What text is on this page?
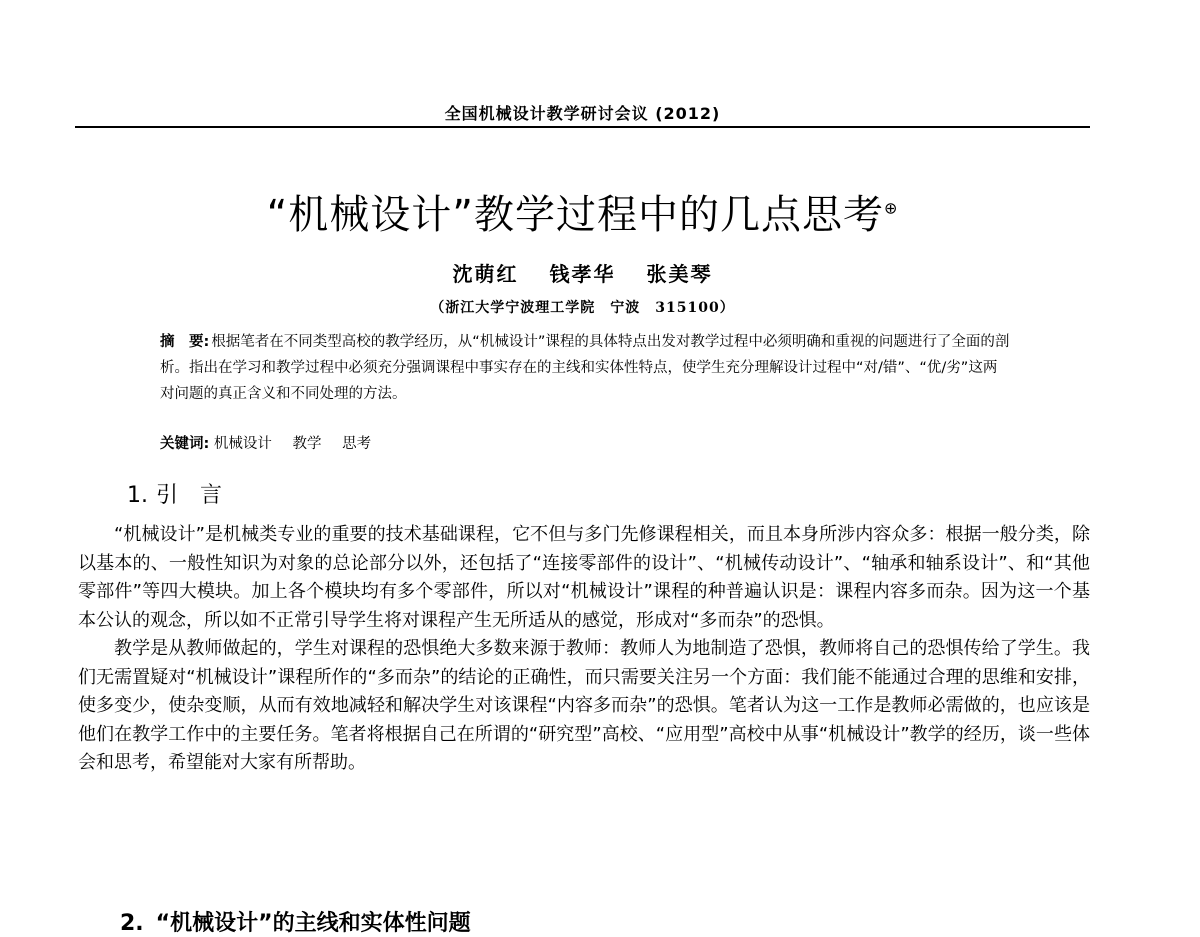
全国机械设计教学研讨会议 (2012)
“机械设计”教学过程中的几点思考⊕
沈萌红 钱孝华 张美琴
（浙江大学宁波理工学院　宁波　315100）
摘　要: 根据笔者在不同类型高校的教学经历，从“机械设计”课程的具体特点出发对教学过程中必须明确和重视的问题进行了全面的剖析。指出在学习和教学过程中必须充分强调课程中事实存在的主线和实体性特点，使学生充分理解设计过程中“对/错”、“优/劣”这两对问题的真正含义和不同处理的方法。
关键词: 机械设计 教学 思考
1. 引言

“机械设计”是机械类专业的重要的技术基础课程，它不但与多门先修课程相关，而且本身所涉内容众多：根据一般分类，除以基本的、一般性知识为对象的总论部分以外，还包括了“连接零部件的设计”、“机械传动设计”、“轴承和轴系设计”、和“其他零部件”等四大模块。加上各个模块均有多个零部件，所以对“机械设计”课程的种普遍认识是：课程内容多而杂。因为这一个基本公认的观念，所以如不正常引导学生将对课程产生无所适从的感觉，形成对“多而杂”的恐惧。

教学是从教师做起的，学生对课程的恐惧绝大多数来源于教师：教师人为地制造了恐惧，教师将自己的恐惧传给了学生。我们无需置疑对“机械设计”课程所作的“多而杂”的结论的正确性，而只需要关注另一个方面：我们能不能通过合理的思维和安排，使多变少，使杂变顺，从而有效地减轻和解决学生对该课程“内容多而杂”的恐惧。笔者认为这一工作是教师必需做的，也应该是他们在教学工作中的主要任务。笔者将根据自己在所谓的“研究型”高校、“应用型”高校中从事“机械设计”教学的经历，谈一些体会和思考，希望能对大家有所帮助。

2. “机械设计”的主线和实体性问题
